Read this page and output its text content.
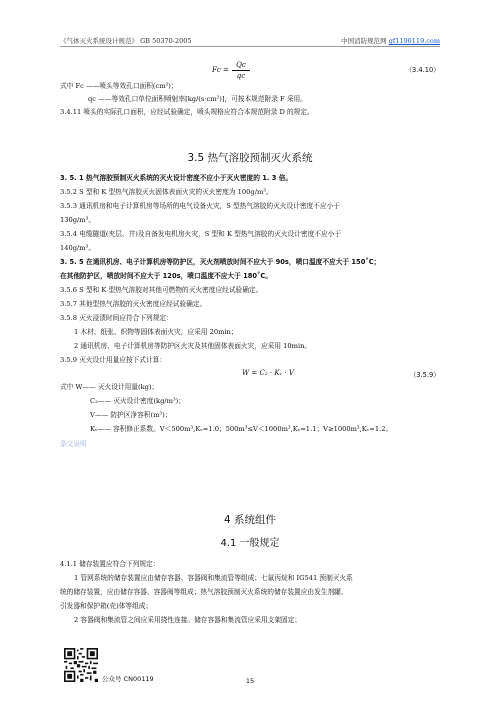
《气体灭火系统设计规范》 GB 50370-2005	中国消防规范网 gf1190119.com
Fc =
Qc
qc
（3.4.10）
式中 Fc ——喷头等效孔口面积(cm²)；
qc ——等效孔口单位面积喷射率[kg/(s·cm²)]，可按本规范附录 F 采用。
3.4.11 喷头的实际孔口面积，应经试验确定，喷头规格应符合本规范附录 D 的规定。
3.5 热气溶胶预制灭火系统
3. 5. 1 热气溶胶预制灭火系统的灭火设计密度不应小于灭火密度的 1. 3 倍。
3.5.2 S 型和 K 型热气溶胶灭火固体表面火灾的灭火密度为 100g/m³。
3.5.3 通讯机房和电子计算机房等场所的电气设备火灾，S 型热气溶胶的灭火设计密度不应小于
130g/m³。
3.5.4 电缆隧道(夹层、井)及自备发电机房火灾，S 型和 K 型热气溶胶的灭火设计密度不应小于
140g/m³。
3. 5. 5 在通讯机房、电子计算机房等防护区，灭火剂喷放时间不应大于 90s，喷口温度不应大于 150˚C；
在其他防护区，喷放时间不应大于 120s，喷口温度不应大于 180˚C。
3.5.6 S 型和 K 型热气溶胶对其他可燃物的灭火密度应经试验确定。
3.5.7 其他型热气溶胶的灭火密度应经试验确定。
3.5.8 灭火浸渍时间应符合下列规定：
1 木材、纸张、织物等固体表面火灾，应采用 20min；
2 通讯机房、电子计算机房等防护区火灾及其他固体表面火灾，应采用 10min。
3.5.9 灭火设计用量应按下式计算：
W = C₂ · Kᵥ · V	（3.5.9）
式中 W—— 灭火设计用量(kg)；
C₂—— 灭火设计密度(kg/m³)；
V—— 防护区净容积(m³)；
Kᵥ—— 容积修正系数。V＜500m³,Kᵥ=1.0；500m³≤V＜1000m³,Kᵥ=1.1；V≥1000m³,Kᵥ=1.2。
条文说明
4 系统组件
4.1 一般规定
4.1.1 储存装置应符合下列规定：
1 管网系统的储存装置应由储存容器、容器阀和集流管等组成；七氟丙烷和 IG541 预制灭火系
统的储存装置，应由储存容器、容器阀等组成；热气溶胶预制灭火系统的储存装置应由发生剂罐、
引发器和保护箱(壳)体等组成；
2 容器阀和集流管之间应采用挠性连接。储存容器和集流管应采用支架固定；
公众号 CN00119	15
